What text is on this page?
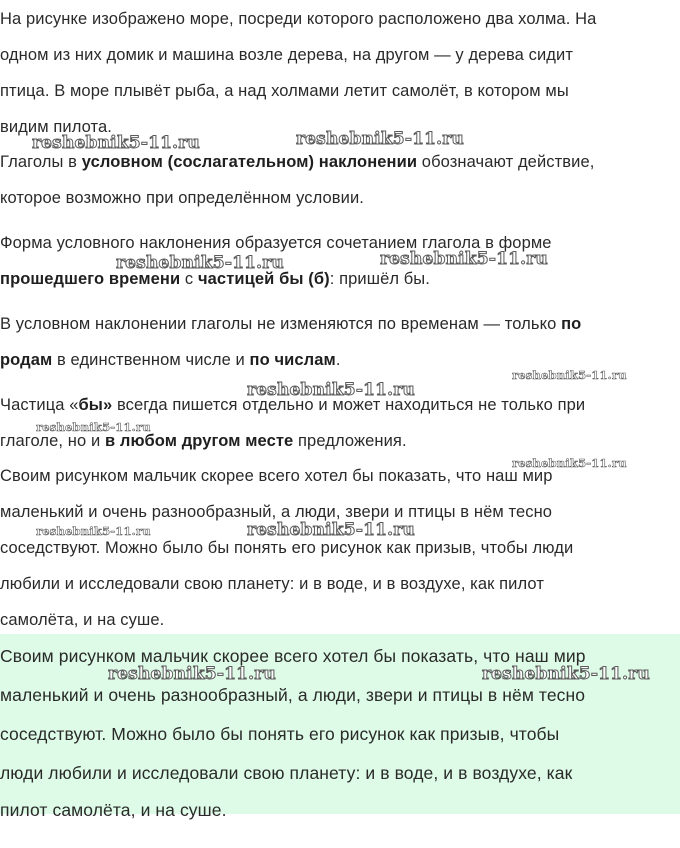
На рисунке изображено море, посреди которого расположено два холма. На
одном из них домик и машина возле дерева, на другом — у дерева сидит
птица. В море плывёт рыба, а над холмами летит самолёт, в котором мы
видим пилота.
Глаголы в условном (сослагательном) наклонении обозначают действие,
которое возможно при определённом условии.
Форма условного наклонения образуется сочетанием глагола в форме
прошедшего времени с частицей бы (б): пришёл бы.
В условном наклонении глаголы не изменяются по временам — только по
родам в единственном числе и по числам.
Частица «бы» всегда пишется отдельно и может находиться не только при
глаголе, но и в любом другом месте предложения.
Своим рисунком мальчик скорее всего хотел бы показать, что наш мир
маленький и очень разнообразный, а люди, звери и птицы в нём тесно
соседствуют. Можно было бы понять его рисунок как призыв, чтобы люди
любили и исследовали свою планету: и в воде, и в воздухе, как пилот
самолёта, и на суше.
Своим рисунком мальчик скорее всего хотел бы показать, что наш мир
маленький и очень разнообразный, а люди, звери и птицы в нём тесно
соседствуют. Можно было бы понять его рисунок как призыв, чтобы
люди любили и исследовали свою планету: и в воде, и в воздухе, как
пилот самолёта, и на суше.
reshebnik5-11.ru	reshebnik5-11.ru
reshebnik5-11.ru	reshebnik5-11.ru
reshebnik5-11.ru
reshebnik5-11.ru
reshebnik5-11.ru
reshebnik5-11.ru
reshebnik5-11.ru	reshebnik5-11.ru
reshebnik5-11.ru	reshebnik5-11.ru
